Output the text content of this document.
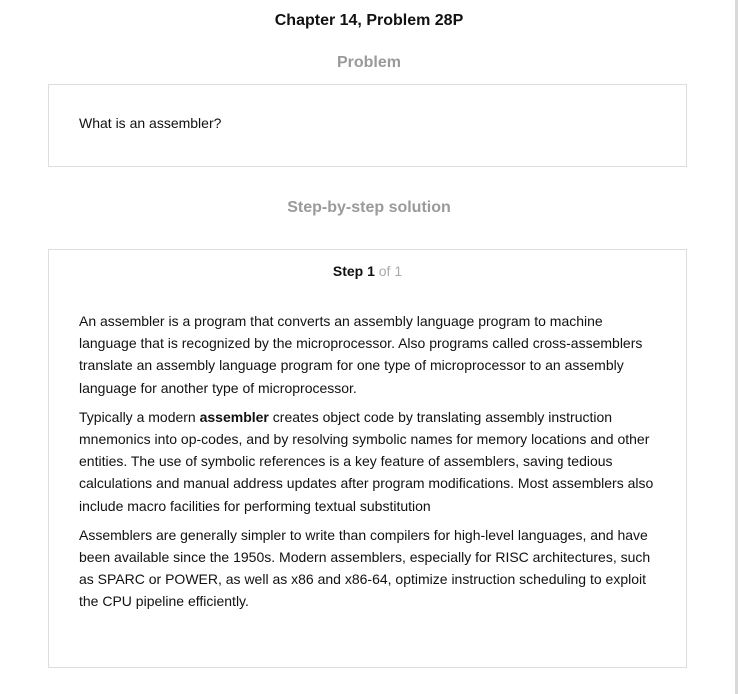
Chapter 14, Problem 28P
Problem
What is an assembler?
Step-by-step solution
Step 1 of 1

An assembler is a program that converts an assembly language program to machine language that is recognized by the microprocessor. Also programs called cross-assemblers translate an assembly language program for one type of microprocessor to an assembly language for another type of microprocessor.

Typically a modern assembler creates object code by translating assembly instruction mnemonics into op-codes, and by resolving symbolic names for memory locations and other entities. The use of symbolic references is a key feature of assemblers, saving tedious calculations and manual address updates after program modifications. Most assemblers also include macro facilities for performing textual substitution

Assemblers are generally simpler to write than compilers for high-level languages, and have been available since the 1950s. Modern assemblers, especially for RISC architectures, such as SPARC or POWER, as well as x86 and x86-64, optimize instruction scheduling to exploit the CPU pipeline efficiently.
